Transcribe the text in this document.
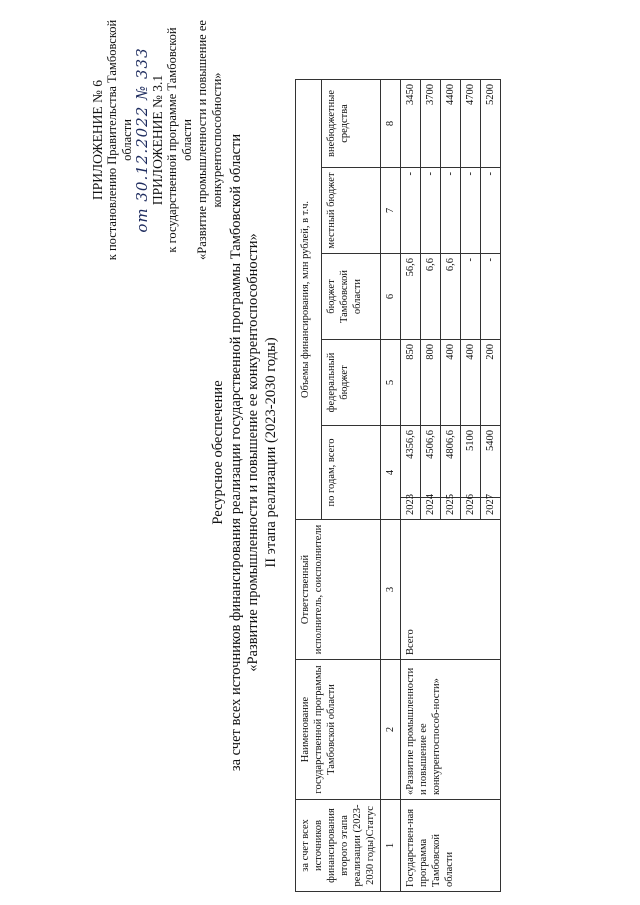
ПРИЛОЖЕНИЕ № 6 к постановлению Правительства Тамбовской области от 30.12.2022 № 333 ПРИЛОЖЕНИЕ № 3.1 к государственной программе Тамбовской области «Развитие промышленности и повышение ее конкурентоспособности»
Ресурсное обеспечение за счет всех источников финансирования реализации государственной программы Тамбовской области «Развитие промышленности и повышение ее конкурентоспособности» II этапа реализации (2023-2030 годы)
за счет всех источников финансирования второго этапа реализации (2023-2030 годы)Статус	Наименование государственной программы Тамбовской области	Ответственный исполнитель, соисполнители	Объемы финансирования, млн рублей, в т.ч.					
			по годам, всего		федеральный бюджет	бюджет Тамбовской области	местный бюджет	внебюджетные средства
1	2	3	4		5	6	7	8
Государствен-ная программа Тамбовской области	«Развитие промышленности и повышение ее конкурентоспособ-ности»	Всего	2023	4356,6	850	56,6	-	3450
			2024	4506,6	800	6,6	-	3700
			2025	4806,6	400	6,6	-	4400
			2026	5100	400	-	-	4700
			2027	5400	200	-	-	5200
